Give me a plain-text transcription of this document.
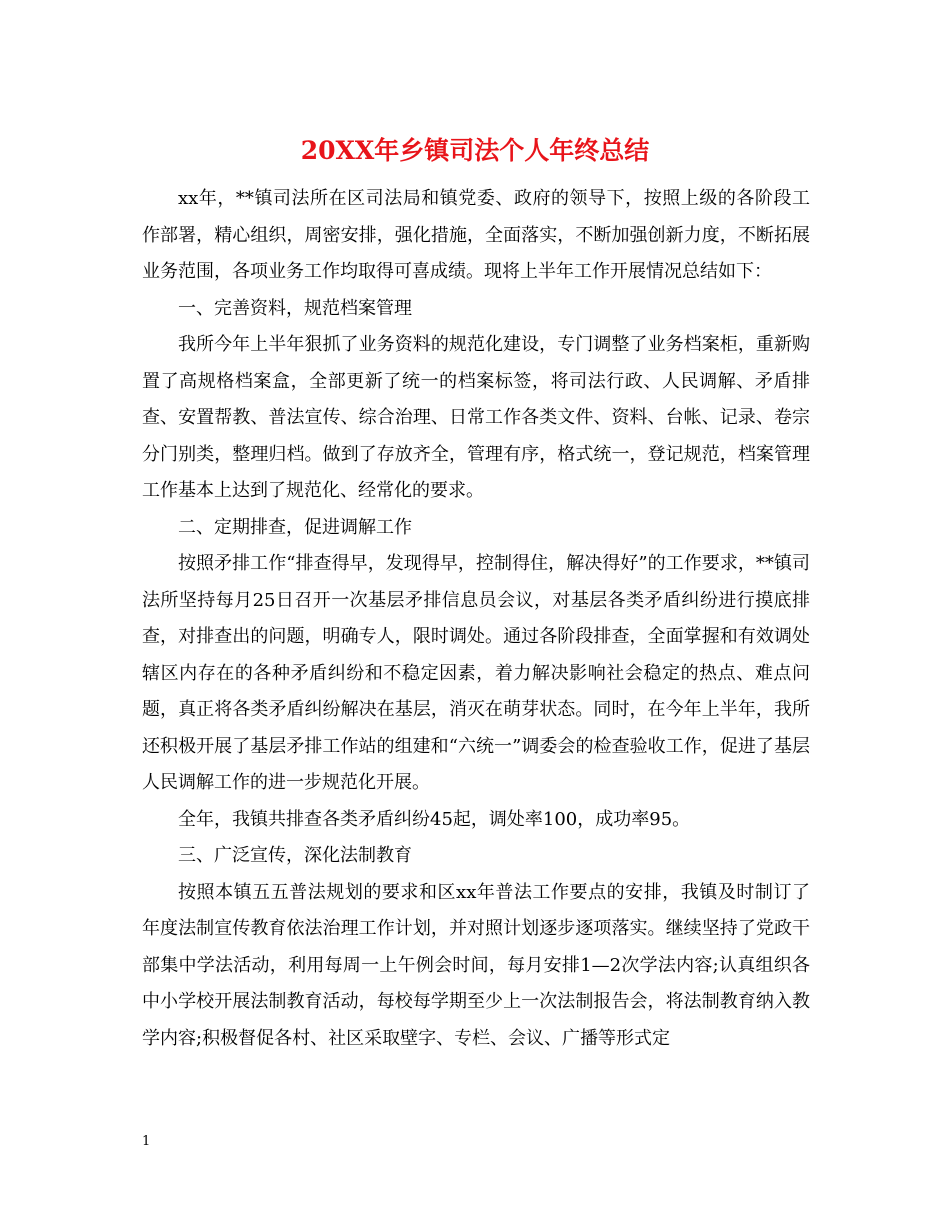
20XX年乡镇司法个人年终总结

xx年，**镇司法所在区司法局和镇党委、政府的领导下，按照上级的各阶段工作部署，精心组织，周密安排，强化措施，全面落实，不断加强创新力度，不断拓展业务范围，各项业务工作均取得可喜成绩。现将上半年工作开展情况总结如下：

一、完善资料，规范档案管理

我所今年上半年狠抓了业务资料的规范化建设，专门调整了业务档案柜，重新购置了高规格档案盒，全部更新了统一的档案标签，将司法行政、人民调解、矛盾排查、安置帮教、普法宣传、综合治理、日常工作各类文件、资料、台帐、记录、卷宗分门别类，整理归档。做到了存放齐全，管理有序，格式统一，登记规范，档案管理工作基本上达到了规范化、经常化的要求。

二、定期排查，促进调解工作

按照矛排工作“排查得早，发现得早，控制得住，解决得好”的工作要求，**镇司法所坚持每月25日召开一次基层矛排信息员会议，对基层各类矛盾纠纷进行摸底排查，对排查出的问题，明确专人，限时调处。通过各阶段排查，全面掌握和有效调处辖区内存在的各种矛盾纠纷和不稳定因素，着力解决影响社会稳定的热点、难点问题，真正将各类矛盾纠纷解决在基层，消灭在萌芽状态。同时，在今年上半年，我所还积极开展了基层矛排工作站的组建和“六统一”调委会的检查验收工作，促进了基层人民调解工作的进一步规范化开展。

全年，我镇共排查各类矛盾纠纷45起，调处率100，成功率95。

三、广泛宣传，深化法制教育

按照本镇五五普法规划的要求和区xx年普法工作要点的安排，我镇及时制订了年度法制宣传教育依法治理工作计划，并对照计划逐步逐项落实。继续坚持了党政干部集中学法活动，利用每周一上午例会时间，每月安排1—2次学法内容;认真组织各中小学校开展法制教育活动，每校每学期至少上一次法制报告会，将法制教育纳入教学内容;积极督促各村、社区采取壁字、专栏、会议、广播等形式定

1
